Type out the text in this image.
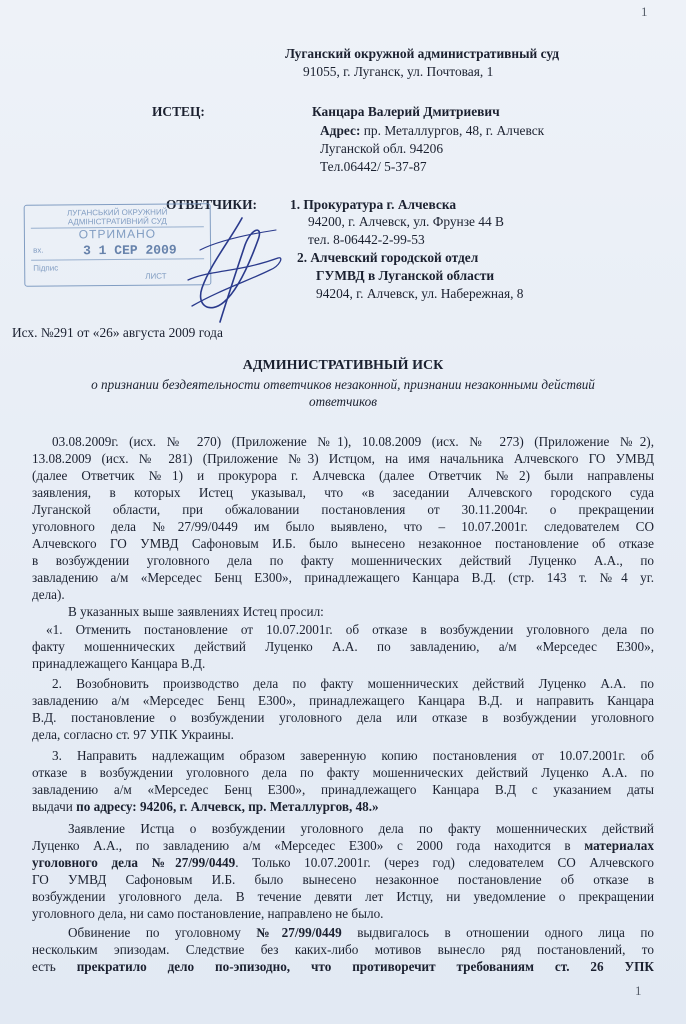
1
Луганский окружной административный суд
91055, г. Луганск, ул. Почтовая, 1
ИСТЕЦ:	Канцара Валерий Дмитриевич
Адрес: пр. Металлургов, 48, г. Алчевск
Луганской обл. 94206
Тел.06442/ 5-37-87
ОТВЕТЧИКИ: 1. Прокуратура г. Алчевска
94200, г. Алчевск, ул. Фрунзе 44 В
тел. 8-06442-2-99-53
2. Алчевский городской отдел
ГУМВД в Луганской области
94204, г. Алчевск, ул. Набережная, 8
ЛУГАНСЬКИЙ ОКРУЖНИЙ
АДМІНІСТРАТИВНИЙ СУД
ОТРИМАНО
вх.	3 1 СЕР 2009
Підпис
ЛИСТ
Исх. №291 от «26» августа 2009 года
АДМИНИСТРАТИВНЫЙ ИСК
о признании бездеятельности ответчиков незаконной, признании незаконными действий
ответчиков
03.08.2009г. (исх. № 270) (Приложение №1), 10.08.2009 (исх. № 273) (Приложение №2),
13.08.2009 (исх. № 281) (Приложение №3) Истцом, на имя начальника Алчевского ГО УМВД
(далее Ответчик №1) и прокурора г. Алчевска (далее Ответчик №2) были направлены
заявления, в которых Истец указывал, что «в заседании Алчевского городского суда
Луганской области, при обжаловании постановления от 30.11.2004г. о прекращении
уголовного дела №27/99/0449 им было выявлено, что – 10.07.2001г. следователем СО
Алчевского ГО УМВД Сафоновым И.Б. было вынесено незаконное постановление об отказе
в возбуждении уголовного дела по факту мошеннических действий Луценко А.А., по
завладению а/м «Мерседес Бенц Е300», принадлежащего Канцара В.Д. (стр. 143 т. №4 уг.
дела).
В указанных выше заявлениях Истец просил:
«1. Отменить постановление от 10.07.2001г. об отказе в возбуждении уголовного дела по
факту мошеннических действий Луценко А.А. по завладению, а/м «Мерседес Е300»,
принадлежащего Канцара В.Д.
2. Возобновить производство дела по факту мошеннических действий Луценко А.А. по
завладению а/м «Мерседес Бенц Е300», принадлежащего Канцара В.Д. и направить Канцара
В.Д. постановление о возбуждении уголовного дела или отказе в возбуждении уголовного
дела, согласно ст. 97 УПК Украины.
3. Направить надлежащим образом заверенную копию постановления от 10.07.2001г. об
отказе в возбуждении уголовного дела по факту мошеннических действий Луценко А.А. по
завладению а/м «Мерседес Бенц Е300», принадлежащего Канцара В.Д с указанием даты
выдачи по адресу: 94206, г. Алчевск, пр. Металлургов, 48.»
Заявление Истца о возбуждении уголовного дела по факту мошеннических действий
Луценко А.А., по завладению а/м «Мерседес Е300» с 2000 года находится в материалах
уголовного дела №27/99/0449. Только 10.07.2001г. (через год) следователем СО Алчевского
ГО УМВД Сафоновым И.Б. было вынесено незаконное постановление об отказе в
возбуждении уголовного дела. В течение девяти лет Истцу, ни уведомление о прекращении
уголовного дела, ни само постановление, направлено не было.
Обвинение по уголовному №27/99/0449 выдвигалось в отношении одного лица по
нескольким эпизодам. Следствие без каких-либо мотивов вынесло ряд постановлений, то
есть прекратило дело по-эпизодно, что противоречит требованиям ст. 26 УПК
1
